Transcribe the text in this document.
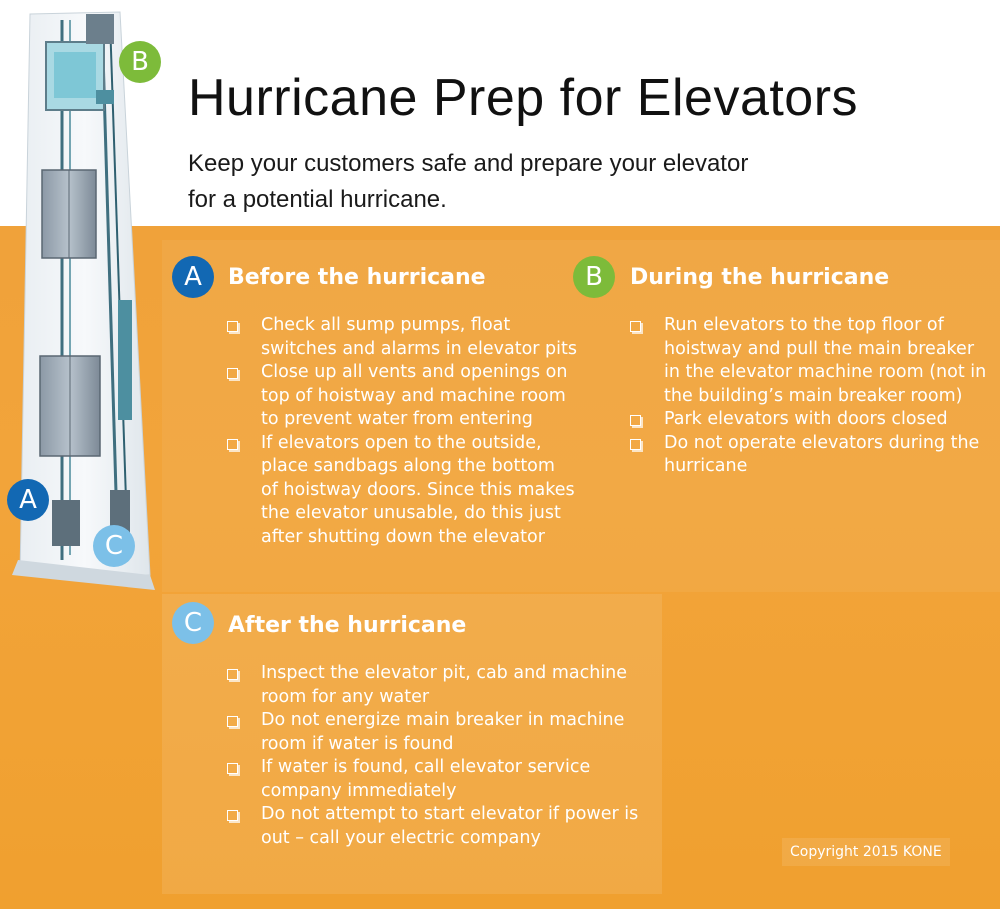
B
A
C
Hurricane Prep for Elevators
Keep your customers safe and prepare your elevator
for a potential hurricane.
A	Before the hurricane
Check all sump pumps, float switches and alarms in elevator pits
Close up all vents and openings on top of hoistway and machine room to prevent water from entering
If elevators open to the outside, place sandbags along the bottom of hoistway doors. Since this makes the elevator unusable, do this just after shutting down the elevator
B	During the hurricane
Run elevators to the top floor of hoistway and pull the main breaker in the elevator machine room (not in the building’s main breaker room)
Park elevators with doors closed
Do not operate elevators during the hurricane
C	After the hurricane
Inspect the elevator pit, cab and machine room for any water
Do not energize main breaker in machine room if water is found
If water is found, call elevator service company immediately
Do not attempt to start elevator if power is out – call your electric company
Copyright 2015 KONE
